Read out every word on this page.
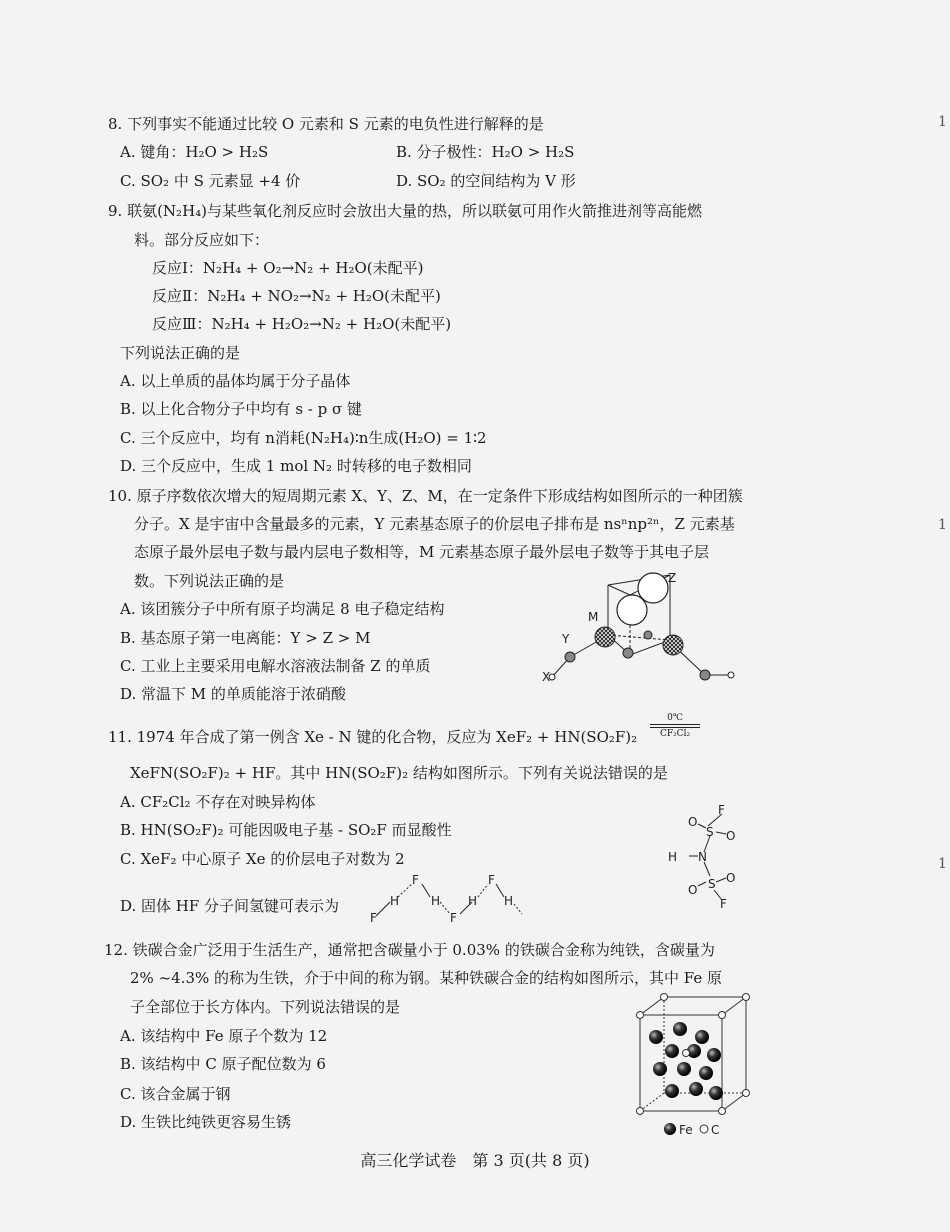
8. 下列事实不能通过比较 O 元素和 S 元素的电负性进行解释的是
A. 键角：H₂O > H₂S	B. 分子极性：H₂O > H₂S
C. SO₂ 中 S 元素显 +4 价	D. SO₂ 的空间结构为 V 形
9. 联氨(N₂H₄)与某些氧化剂反应时会放出大量的热，所以联氨可用作火箭推进剂等高能燃
料。部分反应如下：
反应Ⅰ：N₂H₄ + O₂→N₂ + H₂O(未配平)
反应Ⅱ：N₂H₄ + NO₂→N₂ + H₂O(未配平)
反应Ⅲ：N₂H₄ + H₂O₂→N₂ + H₂O(未配平)
下列说法正确的是
A. 以上单质的晶体均属于分子晶体
B. 以上化合物分子中均有 s - p σ 键
C. 三个反应中，均有 n消耗(N₂H₄)∶n生成(H₂O) = 1∶2
D. 三个反应中，生成 1 mol N₂ 时转移的电子数相同
10. 原子序数依次增大的短周期元素 X、Y、Z、M，在一定条件下形成结构如图所示的一种团簇
分子。X 是宇宙中含量最多的元素，Y 元素基态原子的价层电子排布是 nsⁿnp²ⁿ，Z 元素基
态原子最外层电子数与最内层电子数相等，M 元素基态原子最外层电子数等于其电子层
数。下列说法正确的是
A. 该团簇分子中所有原子均满足 8 电子稳定结构
B. 基态原子第一电离能：Y > Z > M
C. 工业上主要采用电解水溶液法制备 Z 的单质
D. 常温下 M 的单质能溶于浓硝酸
Z
M
Y
X
11. 1974 年合成了第一例含 Xe - N 键的化合物，反应为 XeF₂ + HN(SO₂F)₂
0℃
CF₂Cl₂
XeFN(SO₂F)₂ + HF。其中 HN(SO₂F)₂ 结构如图所示。下列有关说法错误的是
A. CF₂Cl₂ 不存在对映异构体
B. HN(SO₂F)₂ 可能因吸电子基 - SO₂F 而显酸性
C. XeF₂ 中心原子 Xe 的价层电子对数为 2
D. 固体 HF 分子间氢键可表示为
F
H
F
H
F
H
F
H
F
O
S O
H N
S
O
O
F
12. 铁碳合金广泛用于生活生产，通常把含碳量小于 0.03% 的铁碳合金称为纯铁，含碳量为
2% ~4.3% 的称为生铁，介于中间的称为钢。某种铁碳合金的结构如图所示，其中 Fe 原
子全部位于长方体内。下列说法错误的是
A. 该结构中 Fe 原子个数为 12
B. 该结构中 C 原子配位数为 6
C. 该合金属于钢
D. 生铁比纯铁更容易生锈	Fe C
1
1
1
高三化学试卷　第 3 页(共 8 页)
